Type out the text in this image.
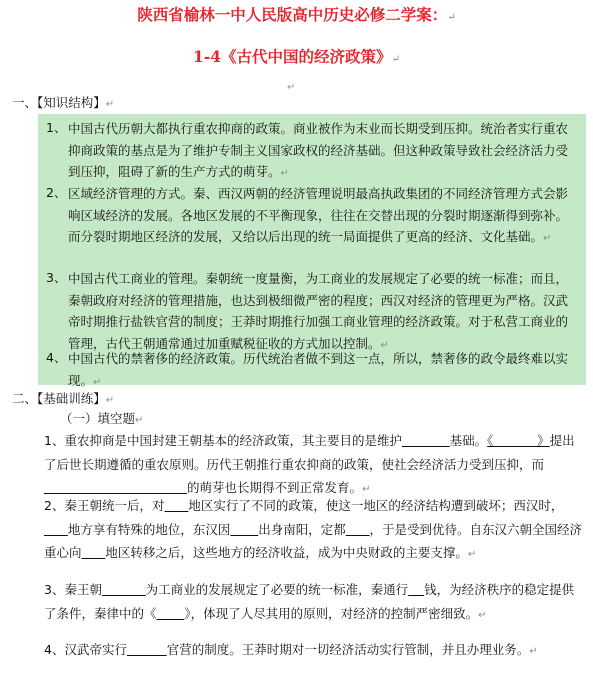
陕西省榆林一中人民版高中历史必修二学案：↵
1-4《古代中国的经济政策》↵
↵
一、【知识结构】↵
1、 中国古代历朝大都执行重农抑商的政策。商业被作为末业而长期受到压抑。统治者实行重农抑商政策的基点是为了维护专制主义国家政权的经济基础。但这种政策导致社会经济活力受到压抑，阻碍了新的生产方式的萌芽。↵
2、 区域经济管理的方式。秦、西汉两朝的经济管理说明最高执政集团的不同经济管理方式会影响区域经济的发展。各地区发展的不平衡现象，往往在交替出现的分裂时期逐渐得到弥补。而分裂时期地区经济的发展，又给以后出现的统一局面提供了更高的经济、文化基础。↵
3、 中国古代工商业的管理。秦朝统一度量衡，为工商业的发展规定了必要的统一标准；而且，秦朝政府对经济的管理措施，也达到极细微严密的程度；西汉对经济的管理更为严格。汉武帝时期推行盐铁官营的制度；王莽时期推行加强工商业管理的经济政策。对于私营工商业的管理，古代王朝通常通过加重赋税征收的方式加以控制。↵
4、 中国古代的禁奢侈的经济政策。历代统治者做不到这一点，所以，禁奢侈的政令最终难以实现。↵
二、【基础训练】↵
（一）填空题↵
1、重农抑商是中国封建王朝基本的经济政策，其主要目的是维护	基础。《           》提出了后世长期遵循的重农原则。历代王朝推行重农抑商的政策，使社会经济活力受到压抑，而                                    的萌芽也长期得不到正常发育。↵
2、秦王朝统一后，对 地区实行了不同的政策，使这一地区的经济结构遭到破坏；西汉时，      地方享有特殊的地位，东汉因 出身南阳，定都 ，于是受到优待。自东汉六朝全国经济重心向 地区转移之后，这些地方的经济收益，成为中央财政的主要支撑。↵
3、秦王朝	为工商业的发展规定了必要的统一标准，秦通行 钱，为经济秩序的稳定提供了条件，秦律中的《 》，体现了人尽其用的原则，对经济的控制严密细致。↵
4、汉武帝实行	官营的制度。王莽时期对一切经济活动实行管制，并且办理业务。↵
